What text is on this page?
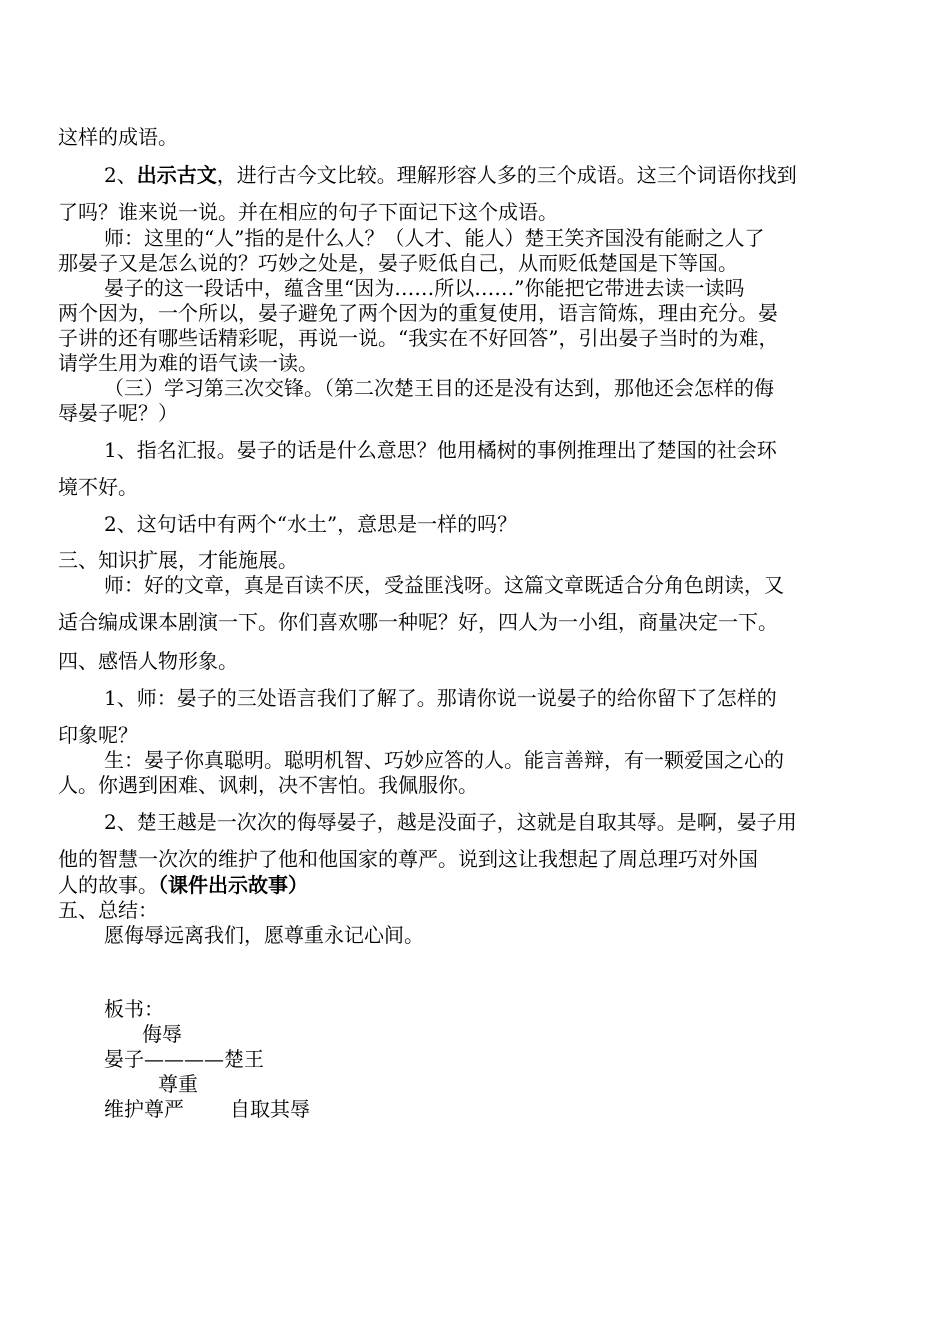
这样的成语。
2、出示古文，进行古今文比较。理解形容人多的三个成语。这三个词语你找到
了吗？谁来说一说。并在相应的句子下面记下这个成语。
师：这里的“人”指的是什么人？（人才、能人）楚王笑齐国没有能耐之人了
那晏子又是怎么说的？巧妙之处是，晏子贬低自己，从而贬低楚国是下等国。
晏子的这一段话中，蕴含里“因为……所以……”你能把它带进去读一读吗
两个因为，一个所以，晏子避免了两个因为的重复使用，语言简炼，理由充分。晏
子讲的还有哪些话精彩呢，再说一说。“我实在不好回答”，引出晏子当时的为难，
请学生用为难的语气读一读。
（三）学习第三次交锋。（第二次楚王目的还是没有达到，那他还会怎样的侮
辱晏子呢？）
1、指名汇报。晏子的话是什么意思？他用橘树的事例推理出了楚国的社会环
境不好。
2、这句话中有两个“水土”，意思是一样的吗？
三、知识扩展，才能施展。
师：好的文章，真是百读不厌，受益匪浅呀。这篇文章既适合分角色朗读，又
适合编成课本剧演一下。你们喜欢哪一种呢？好，四人为一小组，商量决定一下。
四、感悟人物形象。
1、师：晏子的三处语言我们了解了。那请你说一说晏子的给你留下了怎样的
印象呢？
生：晏子你真聪明。聪明机智、巧妙应答的人。能言善辩，有一颗爱国之心的
人。你遇到困难、讽刺，决不害怕。我佩服你。
2、楚王越是一次次的侮辱晏子，越是没面子，这就是自取其辱。是啊，晏子用
他的智慧一次次的维护了他和他国家的尊严。说到这让我想起了周总理巧对外国
人的故事。（课件出示故事）
五、总结：
愿侮辱远离我们，愿尊重永记心间。
板书：
侮辱
晏子————楚王
尊重
维护尊严 自取其辱
